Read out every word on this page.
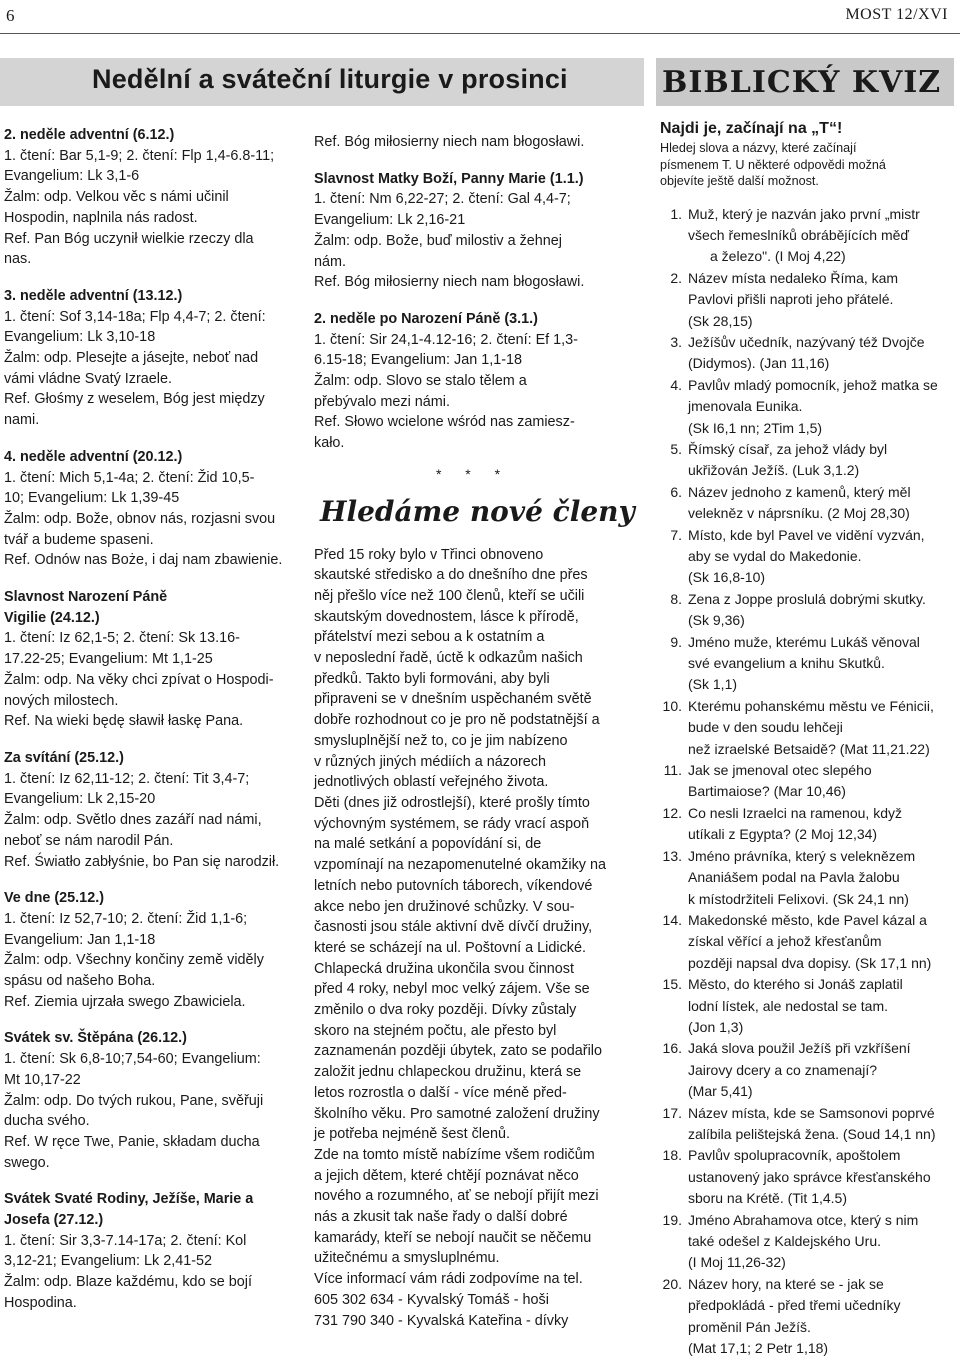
6	MOST 12/XVI
Nedělní a sváteční liturgie v prosinci	BIBLICKÝ KVIZ

2. neděle adventní (6.12.)

1. čtení: Bar 5,1-9; 2. čtení: Flp 1,4-6.8-11;

Evangelium: Lk 3,1-6

Žalm: odp. Velkou věc s námi učinil

Hospodin, naplnila nás radost.

Ref. Pan Bóg uczynił wielkie rzeczy dla

nas.

3. neděle adventní (13.12.)

1. čtení: Sof 3,14-18a; Flp 4,4-7; 2. čtení:

Evangelium: Lk 3,10-18

Žalm: odp. Plesejte a jásejte, neboť nad

vámi vládne Svatý Izraele.

Ref. Głośmy z weselem, Bóg jest między

nami.

4. neděle adventní (20.12.)

1. čtení: Mich 5,1-4a; 2. čtení: Žid 10,5-

10; Evangelium: Lk 1,39-45

Žalm: odp. Bože, obnov nás, rozjasni svou

tvář a budeme spaseni.

Ref. Odnów nas Boże, i daj nam zbawienie.

Slavnost Narození Páně

Vigilie (24.12.)

1. čtení: Iz 62,1-5; 2. čtení: Sk 13.16-

17.22-25; Evangelium: Mt 1,1-25

Žalm: odp. Na věky chci zpívat o Hospodi-

nových milostech.

Ref. Na wieki będę sławił łaskę Pana.

Za svítání (25.12.)

1. čtení: Iz 62,11-12; 2. čtení: Tit 3,4-7;

Evangelium: Lk 2,15-20

Žalm: odp. Světlo dnes zazáří nad námi,

neboť se nám narodil Pán.

Ref. Światło zabłyśnie, bo Pan się narodził.

Ve dne (25.12.)

1. čtení: Iz 52,7-10; 2. čtení: Žid 1,1-6;

Evangelium: Jan 1,1-18

Žalm: odp. Všechny končiny země viděly

spásu od našeho Boha.

Ref. Ziemia ujrzała swego Zbawiciela.

Svátek sv. Štěpána (26.12.)

1. čtení: Sk 6,8-10;7,54-60; Evangelium:

Mt 10,17-22

Žalm: odp. Do tvých rukou, Pane, svěřuji

ducha svého.

Ref. W ręce Twe, Panie, składam ducha

swego.

Svátek Svaté Rodiny, Ježíše, Marie a

Josefa (27.12.)

1. čtení: Sir 3,3-7.14-17a; 2. čtení: Kol

3,12-21; Evangelium: Lk 2,41-52

Žalm: odp. Blaze každému, kdo se bojí

Hospodina.

Ref. Bóg miłosierny niech nam błogosławi.

Slavnost Matky Boží, Panny Marie (1.1.)

1. čtení: Nm 6,22-27; 2. čtení: Gal 4,4-7;

Evangelium: Lk 2,16-21

Žalm: odp. Bože, buď milostiv a žehnej

nám.

Ref. Bóg miłosierny niech nam błogosławi.

2. neděle po Narození Páně (3.1.)

1. čtení: Sir 24,1-4.12-16; 2. čtení: Ef 1,3-

6.15-18; Evangelium: Jan 1,1-18

Žalm: odp. Slovo se stalo tělem a

přebývalo mezi námi.

Ref. Słowo wcielone wśród nas zamiesz-

kało.

* * *
Hledáme nové členy

Před 15 roky bylo v Třinci obnoveno

skautské středisko a do dnešního dne přes

něj přešlo více než 100 členů, kteří se učili

skautským dovednostem, lásce k přírodě,

přátelství mezi sebou a k ostatním a

v neposlední řadě, úctě k odkazům našich

předků. Takto byli formováni, aby byli

připraveni se v dnešním uspěchaném světě

dobře rozhodnout co je pro ně podstatnější a

smysluplnější než to, co je jim nabízeno

v různých jiných médiích a názorech

jednotlivých oblastí veřejného života.

Děti (dnes již odrostlejší), které prošly tímto

výchovným systémem, se rády vrací aspoň

na malé setkání a popovídání si, de

vzpomínají na nezapomenutelné okamžiky na

letních nebo putovních táborech, víkendové

akce nebo jen družinové schůzky. V sou-

časnosti jsou stále aktivní dvě dívčí družiny,

které se scházejí na ul. Poštovní a Lidické.

Chlapecká družina ukončila svou činnost

před 4 roky, nebyl moc velký zájem. Vše se

změnilo o dva roky později. Dívky zůstaly

skoro na stejném počtu, ale přesto byl

zaznamenán později úbytek, zato se podařilo

založit jednu chlapeckou družinu, která se

letos rozrostla o další - více méně před-

školního věku. Pro samotné založení družiny

je potřeba nejméně šest členů.

Zde na tomto místě nabízíme všem rodičům

a jejich dětem, které chtějí poznávat něco

nového a rozumného, ať se nebojí přijít mezi

nás a zkusit tak naše řady o další dobré

kamarády, kteří se nebojí naučit se něčemu

užitečnému a smysluplnému.

Více informací vám rádi zodpovíme na tel.

605 302 634 - Kyvalský Tomáš - hoši

731 790 340 - Kyvalská Kateřina - dívky

Najdi je, začínají na „T“!
Hledej slova a názvy, které začínají
písmenem T. U některé odpovědi možná
objevíte ještě další možnost.
1. Muž, který je nazván jako první „mistr
všech řemeslníků obrábějících měď
a železo". (I Moj 4,22)
2. Název místa nedaleko Říma, kam
Pavlovi přišli naproti jeho přátelé.
(Sk 28,15)
3. Ježíšův učedník, nazývaný též Dvojče
(Didymos). (Jan 11,16)
4. Pavlův mladý pomocník, jehož matka se
jmenovala Eunika.
(Sk I6,1 nn; 2Tim 1,5)
5. Římský císař, za jehož vlády byl
ukřižován Ježíš. (Luk 3,1.2)
6. Název jednoho z kamenů, který měl
velekněz v náprsníku. (2 Moj 28,30)
7. Místo, kde byl Pavel ve vidění vyzván,
aby se vydal do Makedonie.
(Sk 16,8-10)
8. Zena z Joppe proslulá dobrými skutky.
(Sk 9,36)
9. Jméno muže, kterému Lukáš věnoval
své evangelium a knihu Skutků.
(Sk 1,1)
10. Kterému pohanskému městu ve Fénicii,
bude v den soudu lehčeji
než izraelské Betsaidě? (Mat 11,21.22)
11. Jak se jmenoval otec slepého
Bartimaiose? (Mar 10,46)
12. Co nesli Izraelci na ramenou, když
utíkali z Egypta? (2 Moj 12,34)
13. Jméno právníka, který s veleknězem
Ananiášem podal na Pavla žalobu
k místodržiteli Felixovi. (Sk 24,1 nn)
14. Makedonské město, kde Pavel kázal a
získal věřící a jehož křesťanům
později napsal dva dopisy. (Sk 17,1 nn)
15. Město, do kterého si Jonáš zaplatil
lodní lístek, ale nedostal se tam.
(Jon 1,3)
16. Jaká slova použil Ježíš při vzkříšení
Jairovy dcery a co znamenají?
(Mar 5,41)
17. Název místa, kde se Samsonovi poprvé
zalíbila pelištejská žena. (Soud 14,1 nn)
18. Pavlův spolupracovník, apoštolem
ustanovený jako správce křesťanského
sboru na Krétě. (Tit 1,4.5)
19. Jméno Abrahamova otce, který s nim
také odešel z Kaldejského Uru.
(I Moj 11,26-32)
20. Název hory, na které se - jak se
předpokládá - před třemi učedníky
proměnil Pán Ježíš.
(Mat 17,1; 2 Petr 1,18)
